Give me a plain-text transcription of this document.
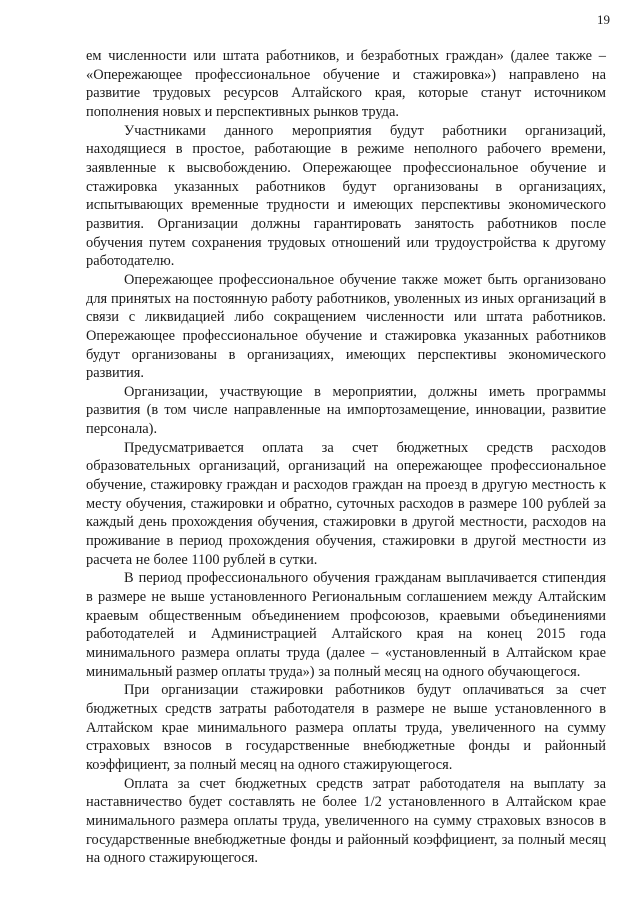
19

ем численности или штата работников, и безработных граждан» (далее также – «Опережающее профессиональное обучение и стажировка») направлено на развитие трудовых ресурсов Алтайского края, которые станут источником пополнения новых и перспективных рынков труда.

Участниками данного мероприятия будут работники организаций, находящиеся в простое, работающие в режиме неполного рабочего времени, заявленные к высвобождению. Опережающее профессиональное обучение и стажировка указанных работников будут организованы в организациях, испытывающих временные трудности и имеющих перспективы экономического развития. Организации должны гарантировать занятость работников после обучения путем сохранения трудовых отношений или трудоустройства к другому работодателю.

Опережающее профессиональное обучение также может быть организовано для принятых на постоянную работу работников, уволенных из иных организаций в связи с ликвидацией либо сокращением численности или штата работников. Опережающее профессиональное обучение и стажировка указанных работников будут организованы в организациях, имеющих перспективы экономического развития.

Организации, участвующие в мероприятии, должны иметь программы развития (в том числе направленные на импортозамещение, инновации, развитие персонала).

Предусматривается оплата за счет бюджетных средств расходов образовательных организаций, организаций на опережающее профессиональное обучение, стажировку граждан и расходов граждан на проезд в другую местность к месту обучения, стажировки и обратно, суточных расходов в размере 100 рублей за каждый день прохождения обучения, стажировки в другой местности, расходов на проживание в период прохождения обучения, стажировки в другой местности из расчета не более 1100 рублей в сутки.

В период профессионального обучения гражданам выплачивается стипендия в размере не выше установленного Региональным соглашением между Алтайским краевым общественным объединением профсоюзов, краевыми объединениями работодателей и Администрацией Алтайского края на конец 2015 года минимального размера оплаты труда (далее – «установленный в Алтайском крае минимальный размер оплаты труда») за полный месяц на одного обучающегося.

При организации стажировки работников будут оплачиваться за счет бюджетных средств затраты работодателя в размере не выше установленного в Алтайском крае минимального размера оплаты труда, увеличенного на сумму страховых взносов в государственные внебюджетные фонды и районный коэффициент, за полный месяц на одного стажирующегося.

Оплата за счет бюджетных средств затрат работодателя на выплату за наставничество будет составлять не более 1/2 установленного в Алтайском крае минимального размера оплаты труда, увеличенного на сумму страховых взносов в государственные внебюджетные фонды и районный коэффициент, за полный месяц на одного стажирующегося.
